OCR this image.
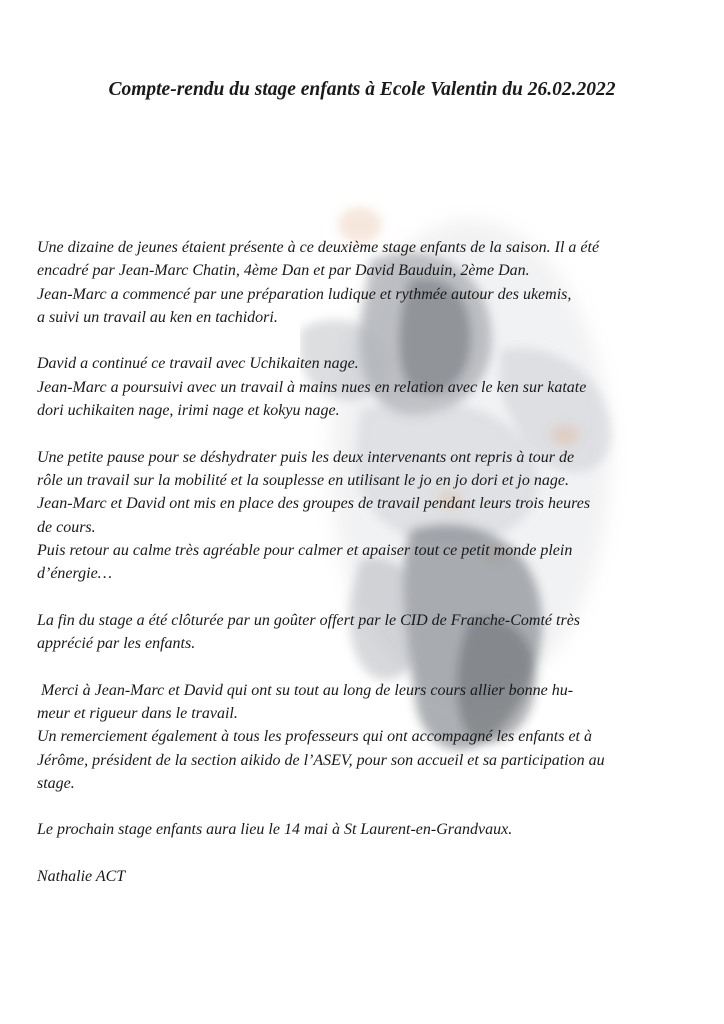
Compte-rendu du stage enfants à Ecole Valentin du 26.02.2022

Une dizaine de jeunes étaient présente à ce deuxième stage enfants de la saison. Il a été
encadré par Jean-Marc Chatin, 4ème Dan et par David Bauduin, 2ème Dan.
Jean-Marc a commencé par une préparation ludique et rythmée autour des ukemis,
a suivi un travail au ken en tachidori.

David a continué ce travail avec Uchikaiten nage.
Jean-Marc a poursuivi avec un travail à mains nues en relation avec le ken sur katate
dori uchikaiten nage, irimi nage et kokyu nage.

Une petite pause pour se déshydrater puis les deux intervenants ont repris à tour de
rôle un travail sur la mobilité et la souplesse en utilisant le jo en jo dori et jo nage.
Jean-Marc et David ont mis en place des groupes de travail pendant leurs trois heures
de cours.
Puis retour au calme très agréable pour calmer et apaiser tout ce petit monde plein
d’énergie…

La fin du stage a été clôturée par un goûter offert par le CID de Franche-Comté très
apprécié par les enfants.

Merci à Jean-Marc et David qui ont su tout au long de leurs cours allier bonne hu-
meur et rigueur dans le travail.
Un remerciement également à tous les professeurs qui ont accompagné les enfants et à
Jérôme, président de la section aikido de l’ASEV, pour son accueil et sa participation au
stage.

Le prochain stage enfants aura lieu le 14 mai à St Laurent-en-Grandvaux.

Nathalie ACT
